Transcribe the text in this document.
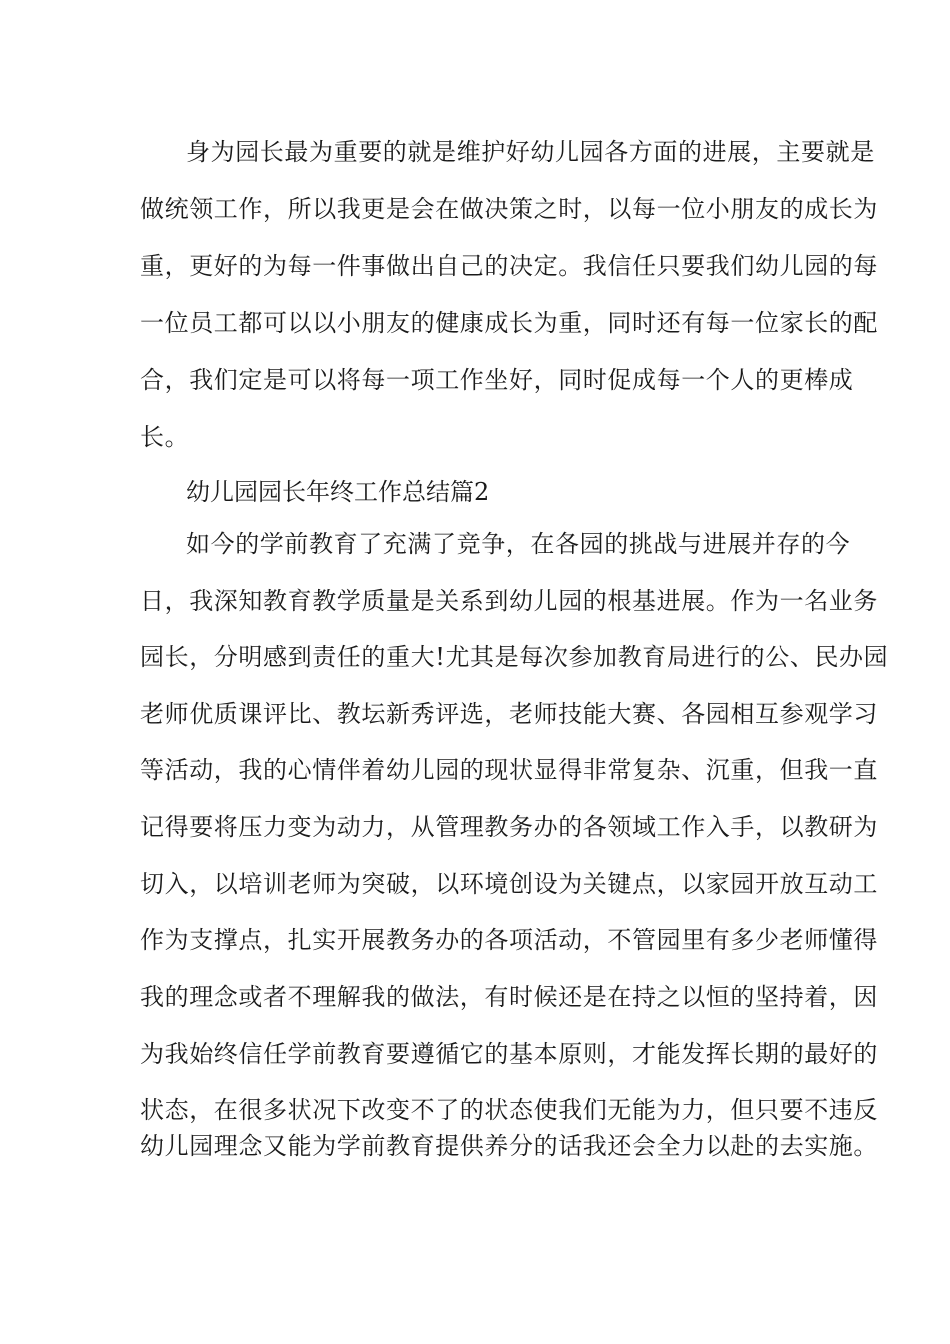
身为园长最为重要的就是维护好幼儿园各方面的进展，主要就是
做统领工作，所以我更是会在做决策之时，以每一位小朋友的成长为
重，更好的为每一件事做出自己的决定。我信任只要我们幼儿园的每
一位员工都可以以小朋友的健康成长为重，同时还有每一位家长的配
合，我们定是可以将每一项工作坐好，同时促成每一个人的更棒成
长。
幼儿园园长年终工作总结篇2
如今的学前教育了充满了竞争，在各园的挑战与进展并存的今
日，我深知教育教学质量是关系到幼儿园的根基进展。作为一名业务
园长，分明感到责任的重大!尤其是每次参加教育局进行的公、民办园
老师优质课评比、教坛新秀评选，老师技能大赛、各园相互参观学习
等活动，我的心情伴着幼儿园的现状显得非常复杂、沉重，但我一直
记得要将压力变为动力，从管理教务办的各领域工作入手，以教研为
切入，以培训老师为突破，以环境创设为关键点，以家园开放互动工
作为支撑点，扎实开展教务办的各项活动，不管园里有多少老师懂得
我的理念或者不理解我的做法，有时候还是在持之以恒的坚持着，因
为我始终信任学前教育要遵循它的基本原则，才能发挥长期的最好的
状态，在很多状况下改变不了的状态使我们无能为力，但只要不违反
幼儿园理念又能为学前教育提供养分的话我还会全力以赴的去实施。
